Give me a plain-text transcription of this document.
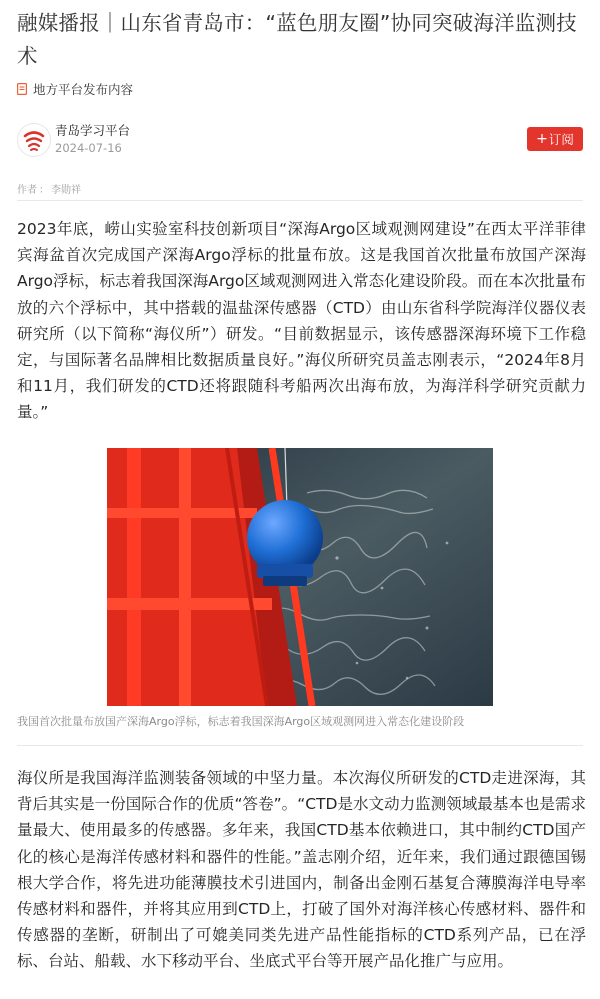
融媒播报｜山东省青岛市：“蓝色朋友圈”协同突破海洋监测技术
地方平台发布内容
青岛学习平台
2024-07-16
+ 订阅
作者 ： 李勋祥

2023年底，崂山实验室科技创新项目“深海Argo区域观测网建设”在西太平洋菲律宾海盆首次完成国产深海Argo浮标的批量布放。这是我国首次批量布放国产深海Argo浮标，标志着我国深海Argo区域观测网进入常态化建设阶段。而在本次批量布放的六个浮标中，其中搭载的温盐深传感器（CTD）由山东省科学院海洋仪器仪表研究所（以下简称“海仪所”）研发。“目前数据显示，该传感器深海环境下工作稳定，与国际著名品牌相比数据质量良好。”海仪所研究员盖志刚表示，“2024年8月和11月，我们研发的CTD还将跟随科考船两次出海布放，为海洋科学研究贡献力量。”

我国首次批量布放国产深海Argo浮标，标志着我国深海Argo区域观测网进入常态化建设阶段

海仪所是我国海洋监测装备领域的中坚力量。本次海仪所研发的CTD走进深海，其背后其实是一份国际合作的优质“答卷”。“CTD是水文动力监测领域最基本也是需求量最大、使用最多的传感器。多年来，我国CTD基本依赖进口，其中制约CTD国产化的核心是海洋传感材料和器件的性能。”盖志刚介绍，近年来，我们通过跟德国锡根大学合作，将先进功能薄膜技术引进国内，制备出金刚石基复合薄膜海洋电导率传感材料和器件，并将其应用到CTD上，打破了国外对海洋核心传感材料、器件和传感器的垄断，研制出了可媲美同类先进产品性能指标的CTD系列产品，已在浮标、台站、船载、水下移动平台、坐底式平台等开展产品化推广与应用。
